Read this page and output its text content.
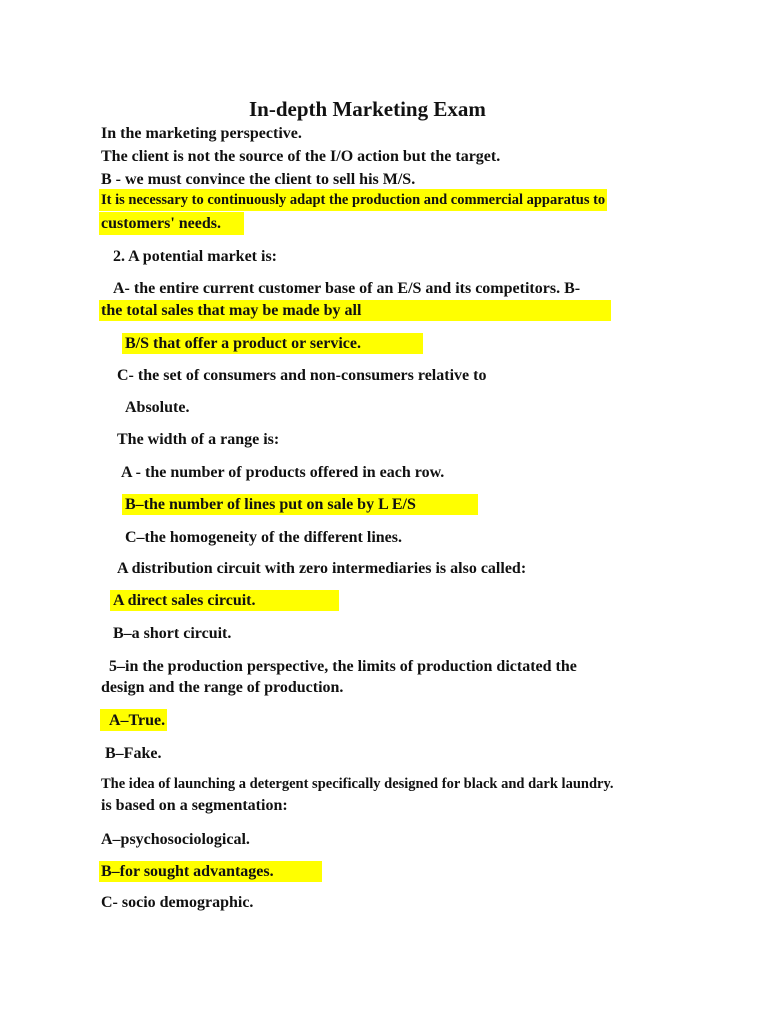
In-depth Marketing Exam
In the marketing perspective.
The client is not the source of the I/O action but the target.
B - we must convince the client to sell his M/S.
It is necessary to continuously adapt the production and commercial apparatus to
customers' needs.
2. A potential market is:
A- the entire current customer base of an E/S and its competitors. B-
the total sales that may be made by all
B/S that offer a product or service.
C- the set of consumers and non-consumers relative to
Absolute.
The width of a range is:
A - the number of products offered in each row.
B–the number of lines put on sale by L E/S
C–the homogeneity of the different lines.
A distribution circuit with zero intermediaries is also called:
A direct sales circuit.
B–a short circuit.
5–in the production perspective, the limits of production dictated the
design and the range of production.
A–True.
B–Fake.
The idea of launching a detergent specifically designed for black and dark laundry.
is based on a segmentation:
A–psychosociological.
B–for sought advantages.
C- socio demographic.
